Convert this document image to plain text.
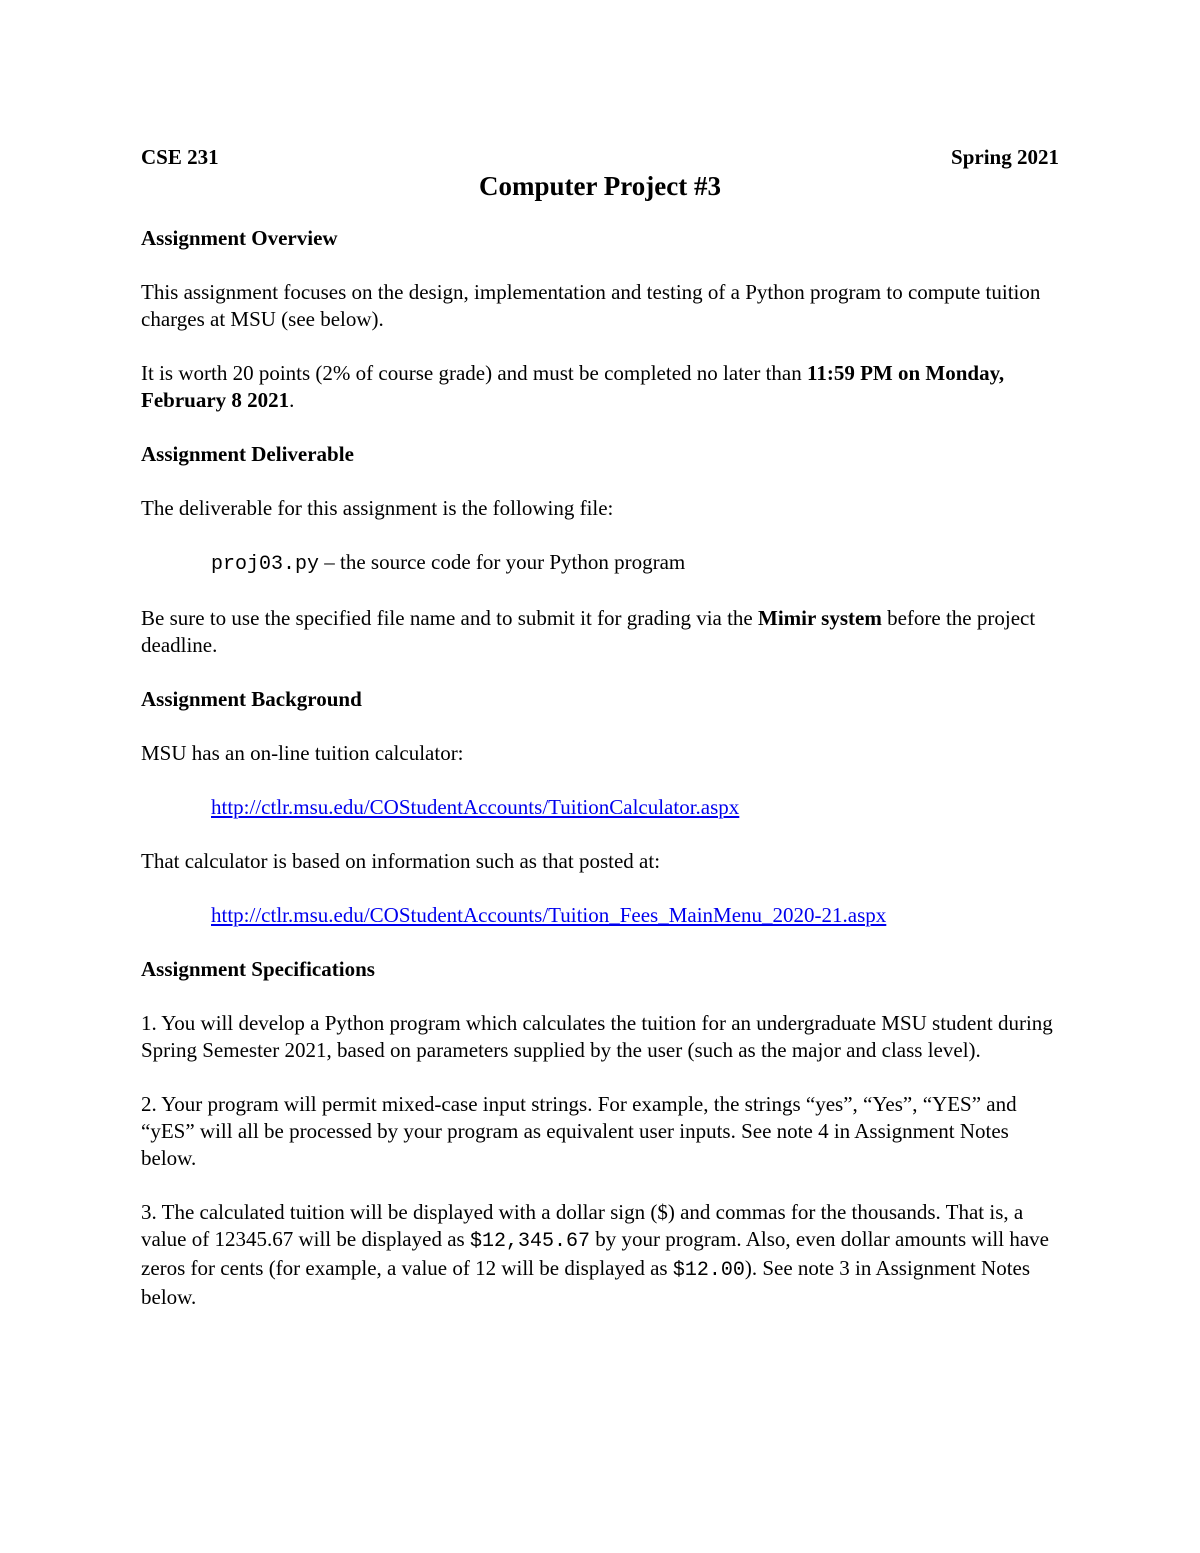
CSE 231	Spring 2021
Computer Project #3

Assignment Overview

This assignment focuses on the design, implementation and testing of a Python program to compute tuition charges at MSU (see below).

It is worth 20 points (2% of course grade) and must be completed no later than 11:59 PM on Monday, February 8 2021.

Assignment Deliverable

The deliverable for this assignment is the following file:

proj03.py – the source code for your Python program

Be sure to use the specified file name and to submit it for grading via the Mimir system before the project deadline.

Assignment Background

MSU has an on-line tuition calculator:

http://ctlr.msu.edu/COStudentAccounts/TuitionCalculator.aspx

That calculator is based on information such as that posted at:

http://ctlr.msu.edu/COStudentAccounts/Tuition_Fees_MainMenu_2020-21.aspx

Assignment Specifications

1. You will develop a Python program which calculates the tuition for an undergraduate MSU student during Spring Semester 2021, based on parameters supplied by the user (such as the major and class level).

2. Your program will permit mixed-case input strings. For example, the strings “yes”, “Yes”, “YES” and “yES” will all be processed by your program as equivalent user inputs. See note 4 in Assignment Notes below.

3. The calculated tuition will be displayed with a dollar sign ($) and commas for the thousands. That is, a value of 12345.67 will be displayed as $12,345.67 by your program. Also, even dollar amounts will have zeros for cents (for example, a value of 12 will be displayed as $12.00). See note 3 in Assignment Notes below.
